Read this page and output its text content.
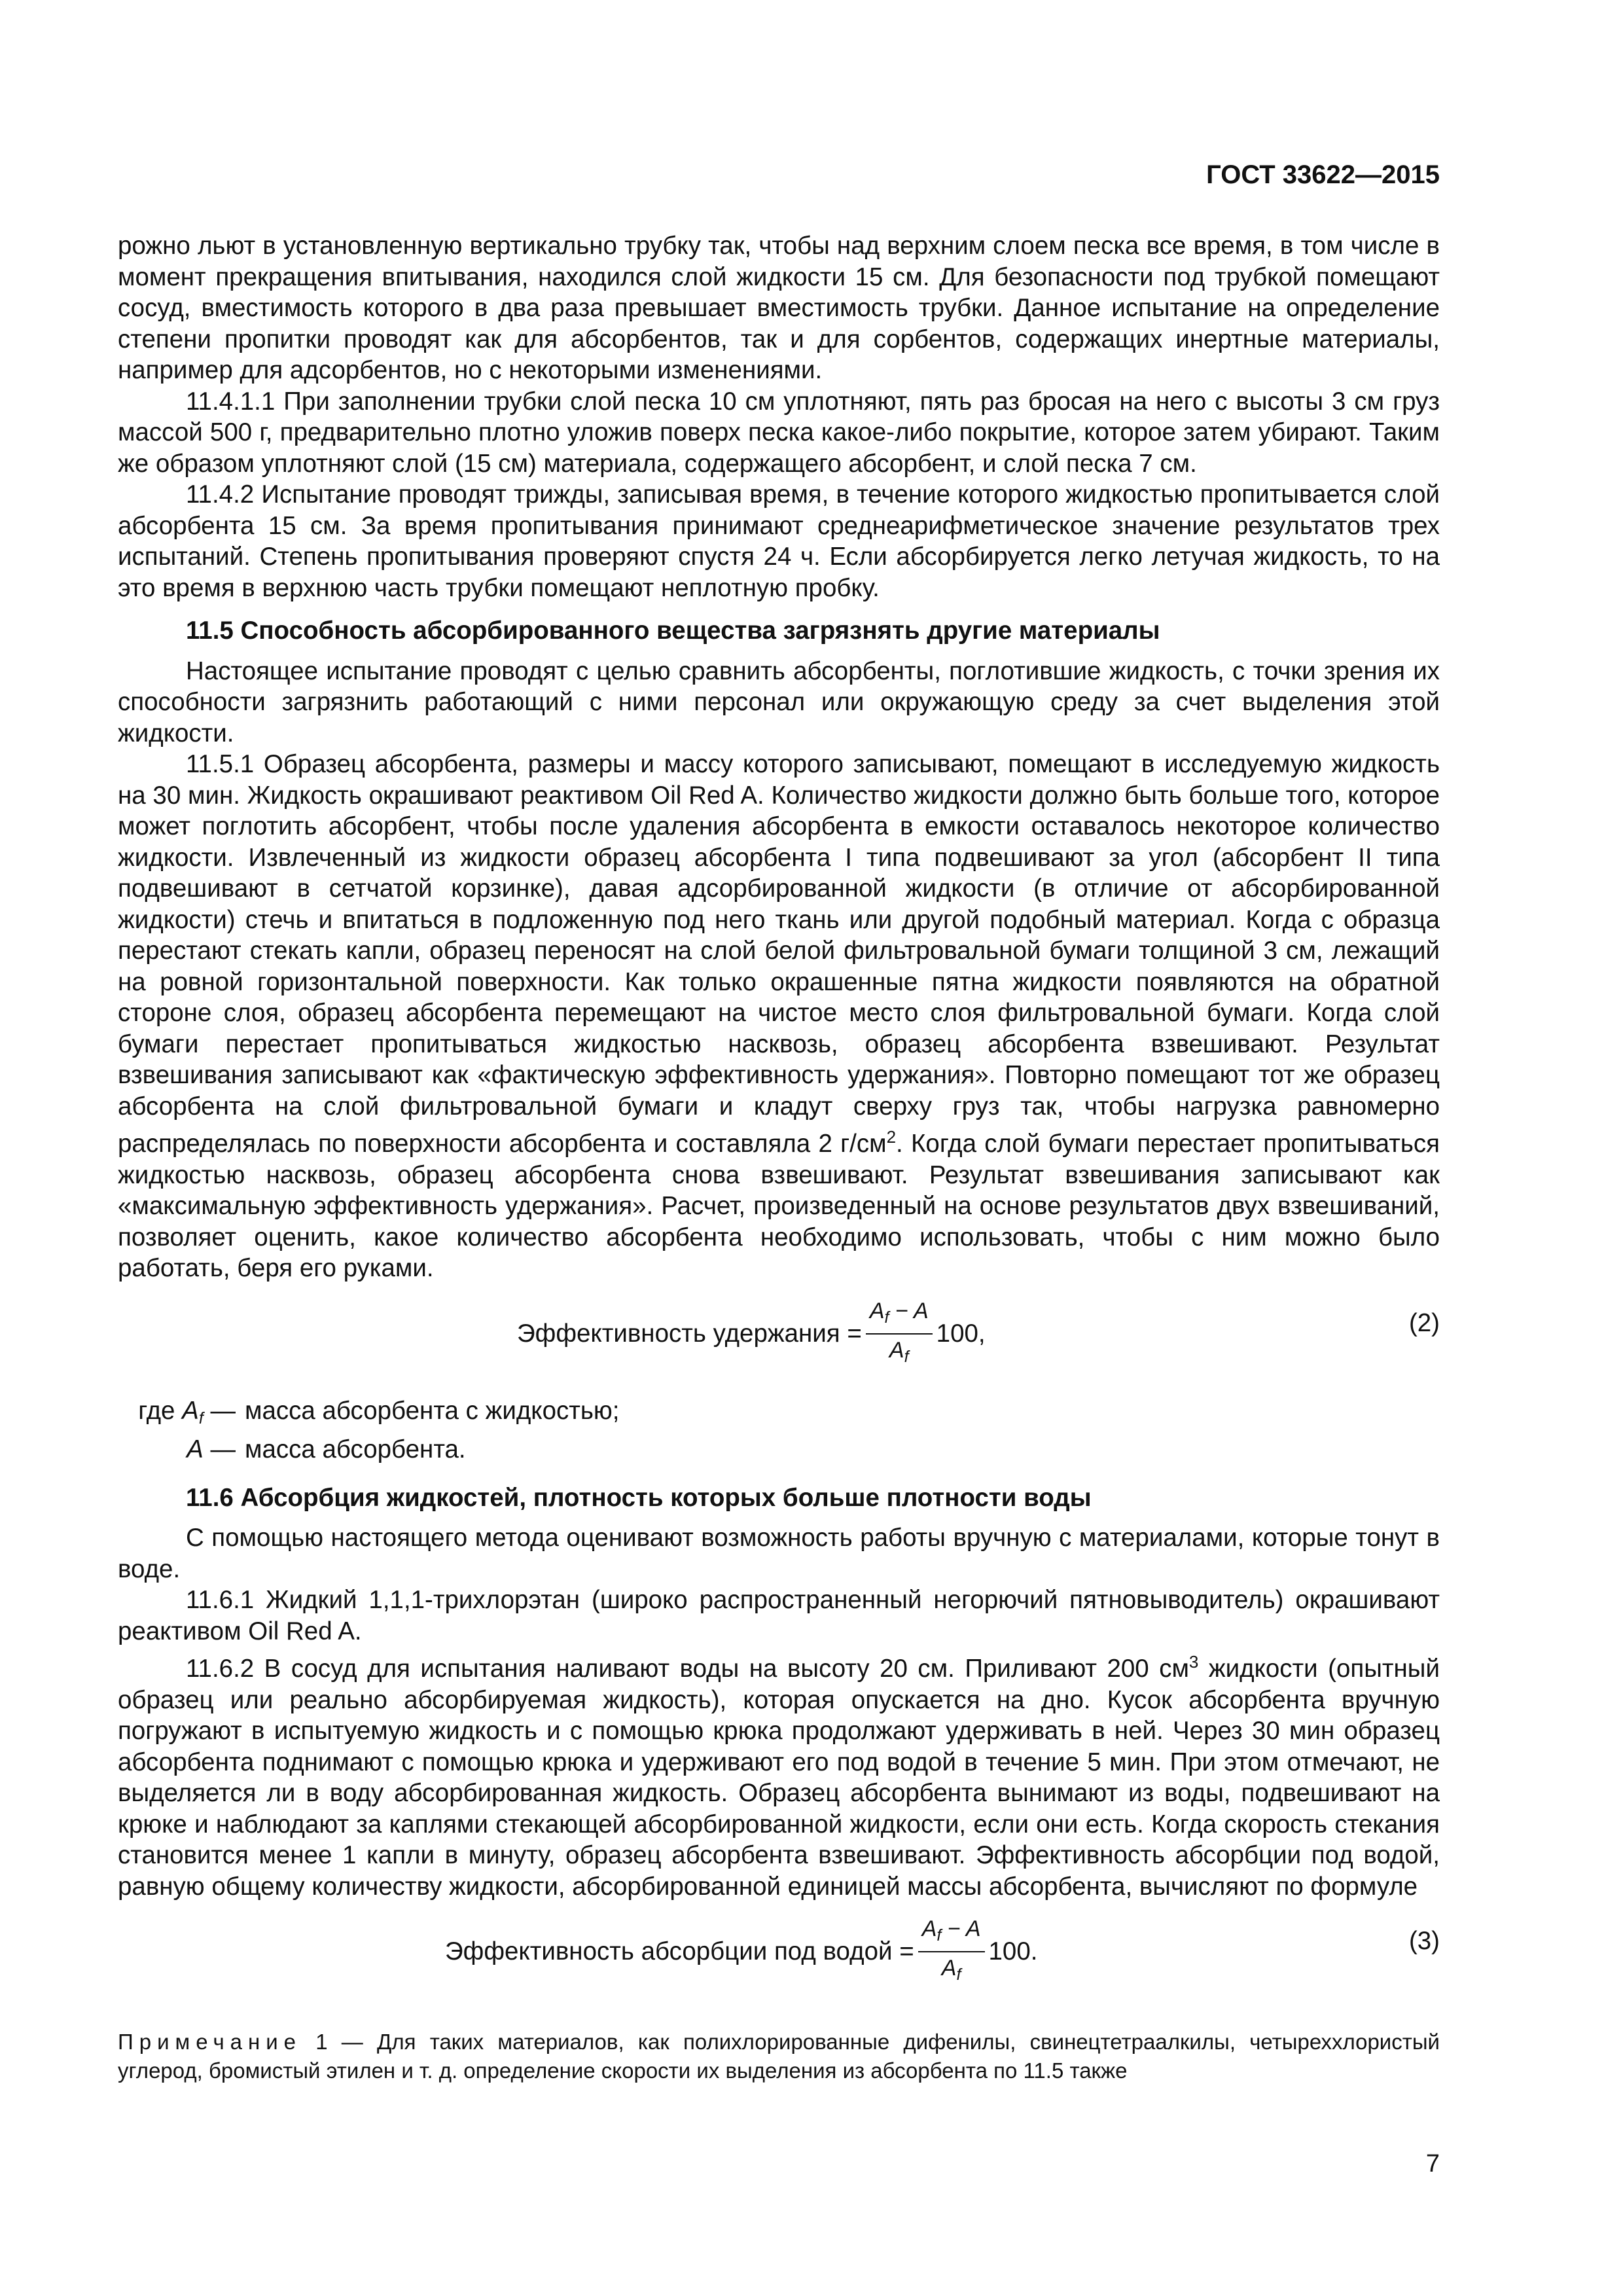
ГОСТ 33622—2015

рожно льют в установленную вертикально трубку так, чтобы над верхним слоем песка все время, в том числе в момент прекращения впитывания, находился слой жидкости 15 см. Для безопасности под трубкой помещают сосуд, вместимость которого в два раза превышает вместимость трубки. Данное испытание на определение степени пропитки проводят как для абсорбентов, так и для сорбентов, содержащих инертные материалы, например для адсорбентов, но с некоторыми изменениями.

11.4.1.1 При заполнении трубки слой песка 10 см уплотняют, пять раз бросая на него с высоты 3 см груз массой 500 г, предварительно плотно уложив поверх песка какое-либо покрытие, которое затем убирают. Таким же образом уплотняют слой (15 см) материала, содержащего абсорбент, и слой песка 7 см.

11.4.2 Испытание проводят трижды, записывая время, в течение которого жидкостью пропитывается слой абсорбента 15 см. За время пропитывания принимают среднеарифметическое значение результатов трех испытаний. Степень пропитывания проверяют спустя 24 ч. Если абсорбируется легко летучая жидкость, то на это время в верхнюю часть трубки помещают неплотную пробку.

11.5 Способность абсорбированного вещества загрязнять другие материалы

Настоящее испытание проводят с целью сравнить абсорбенты, поглотившие жидкость, с точки зрения их способности загрязнить работающий с ними персонал или окружающую среду за счет выделения этой жидкости.

11.5.1 Образец абсорбента, размеры и массу которого записывают, помещают в исследуемую жидкость на 30 мин. Жидкость окрашивают реактивом Oil Red A. Количество жидкости должно быть больше того, которое может поглотить абсорбент, чтобы после удаления абсорбента в емкости оставалось некоторое количество жидкости. Извлеченный из жидкости образец абсорбента I типа подвешивают за угол (абсорбент II типа подвешивают в сетчатой корзинке), давая адсорбированной жидкости (в отличие от абсорбированной жидкости) стечь и впитаться в подложенную под него ткань или другой подобный материал. Когда с образца перестают стекать капли, образец переносят на слой белой фильтровальной бумаги толщиной 3 см, лежащий на ровной горизонтальной поверхности. Как только окрашенные пятна жидкости появляются на обратной стороне слоя, образец абсорбента перемещают на чистое место слоя фильтровальной бумаги. Когда слой бумаги перестает пропитываться жидкостью насквозь, образец абсорбента взвешивают. Результат взвешивания записывают как «фактическую эффективность удержания». Повторно помещают тот же образец абсорбента на слой фильтровальной бумаги и кладут сверху груз так, чтобы нагрузка равномерно распределялась по поверхности абсорбента и составляла 2 $г/см^2$. Когда слой бумаги перестает пропитываться жидкостью насквозь, образец абсорбента снова взвешивают. Результат взвешивания записывают как «максимальную эффективность удержания». Расчет, произведенный на основе результатов двух взвешиваний, позволяет оценить, какое количество абсорбента необходимо использовать, чтобы с ним можно было работать, беря его руками.

Эффективность удержания = $\frac{A_f - A}{A_f} 100$,	(2)
где $A_f$ — масса абсорбента с жидкостью;
A — масса абсорбента.

11.6 Абсорбция жидкостей, плотность которых больше плотности воды

С помощью настоящего метода оценивают возможность работы вручную с материалами, которые тонут в воде.

11.6.1 Жидкий 1,1,1-трихлорэтан (широко распространенный негорючий пятновыводитель) окрашивают реактивом Oil Red A.

11.6.2 В сосуд для испытания наливают воды на высоту 20 см. Приливают 200 $см^3$ жидкости (опытный образец или реально абсорбируемая жидкость), которая опускается на дно. Кусок абсорбента вручную погружают в испытуемую жидкость и с помощью крюка продолжают удерживать в ней. Через 30 мин образец абсорбента поднимают с помощью крюка и удерживают его под водой в течение 5 мин. При этом отмечают, не выделяется ли в воду абсорбированная жидкость. Образец абсорбента вынимают из воды, подвешивают на крюке и наблюдают за каплями стекающей абсорбированной жидкости, если они есть. Когда скорость стекания становится менее 1 капли в минуту, образец абсорбента взвешивают. Эффективность абсорбции под водой, равную общему количеству жидкости, абсорбированной единицей массы абсорбента, вычисляют по формуле

Эффективность абсорбции под водой = $\frac{A_f - A}{A_f} 100$.	(3)

Примечание 1 — Для таких материалов, как полихлорированные дифенилы, свинецтетраалкилы, четыреххлористый углерод, бромистый этилен и т. д. определение скорости их выделения из абсорбента по 11.5 также

7
